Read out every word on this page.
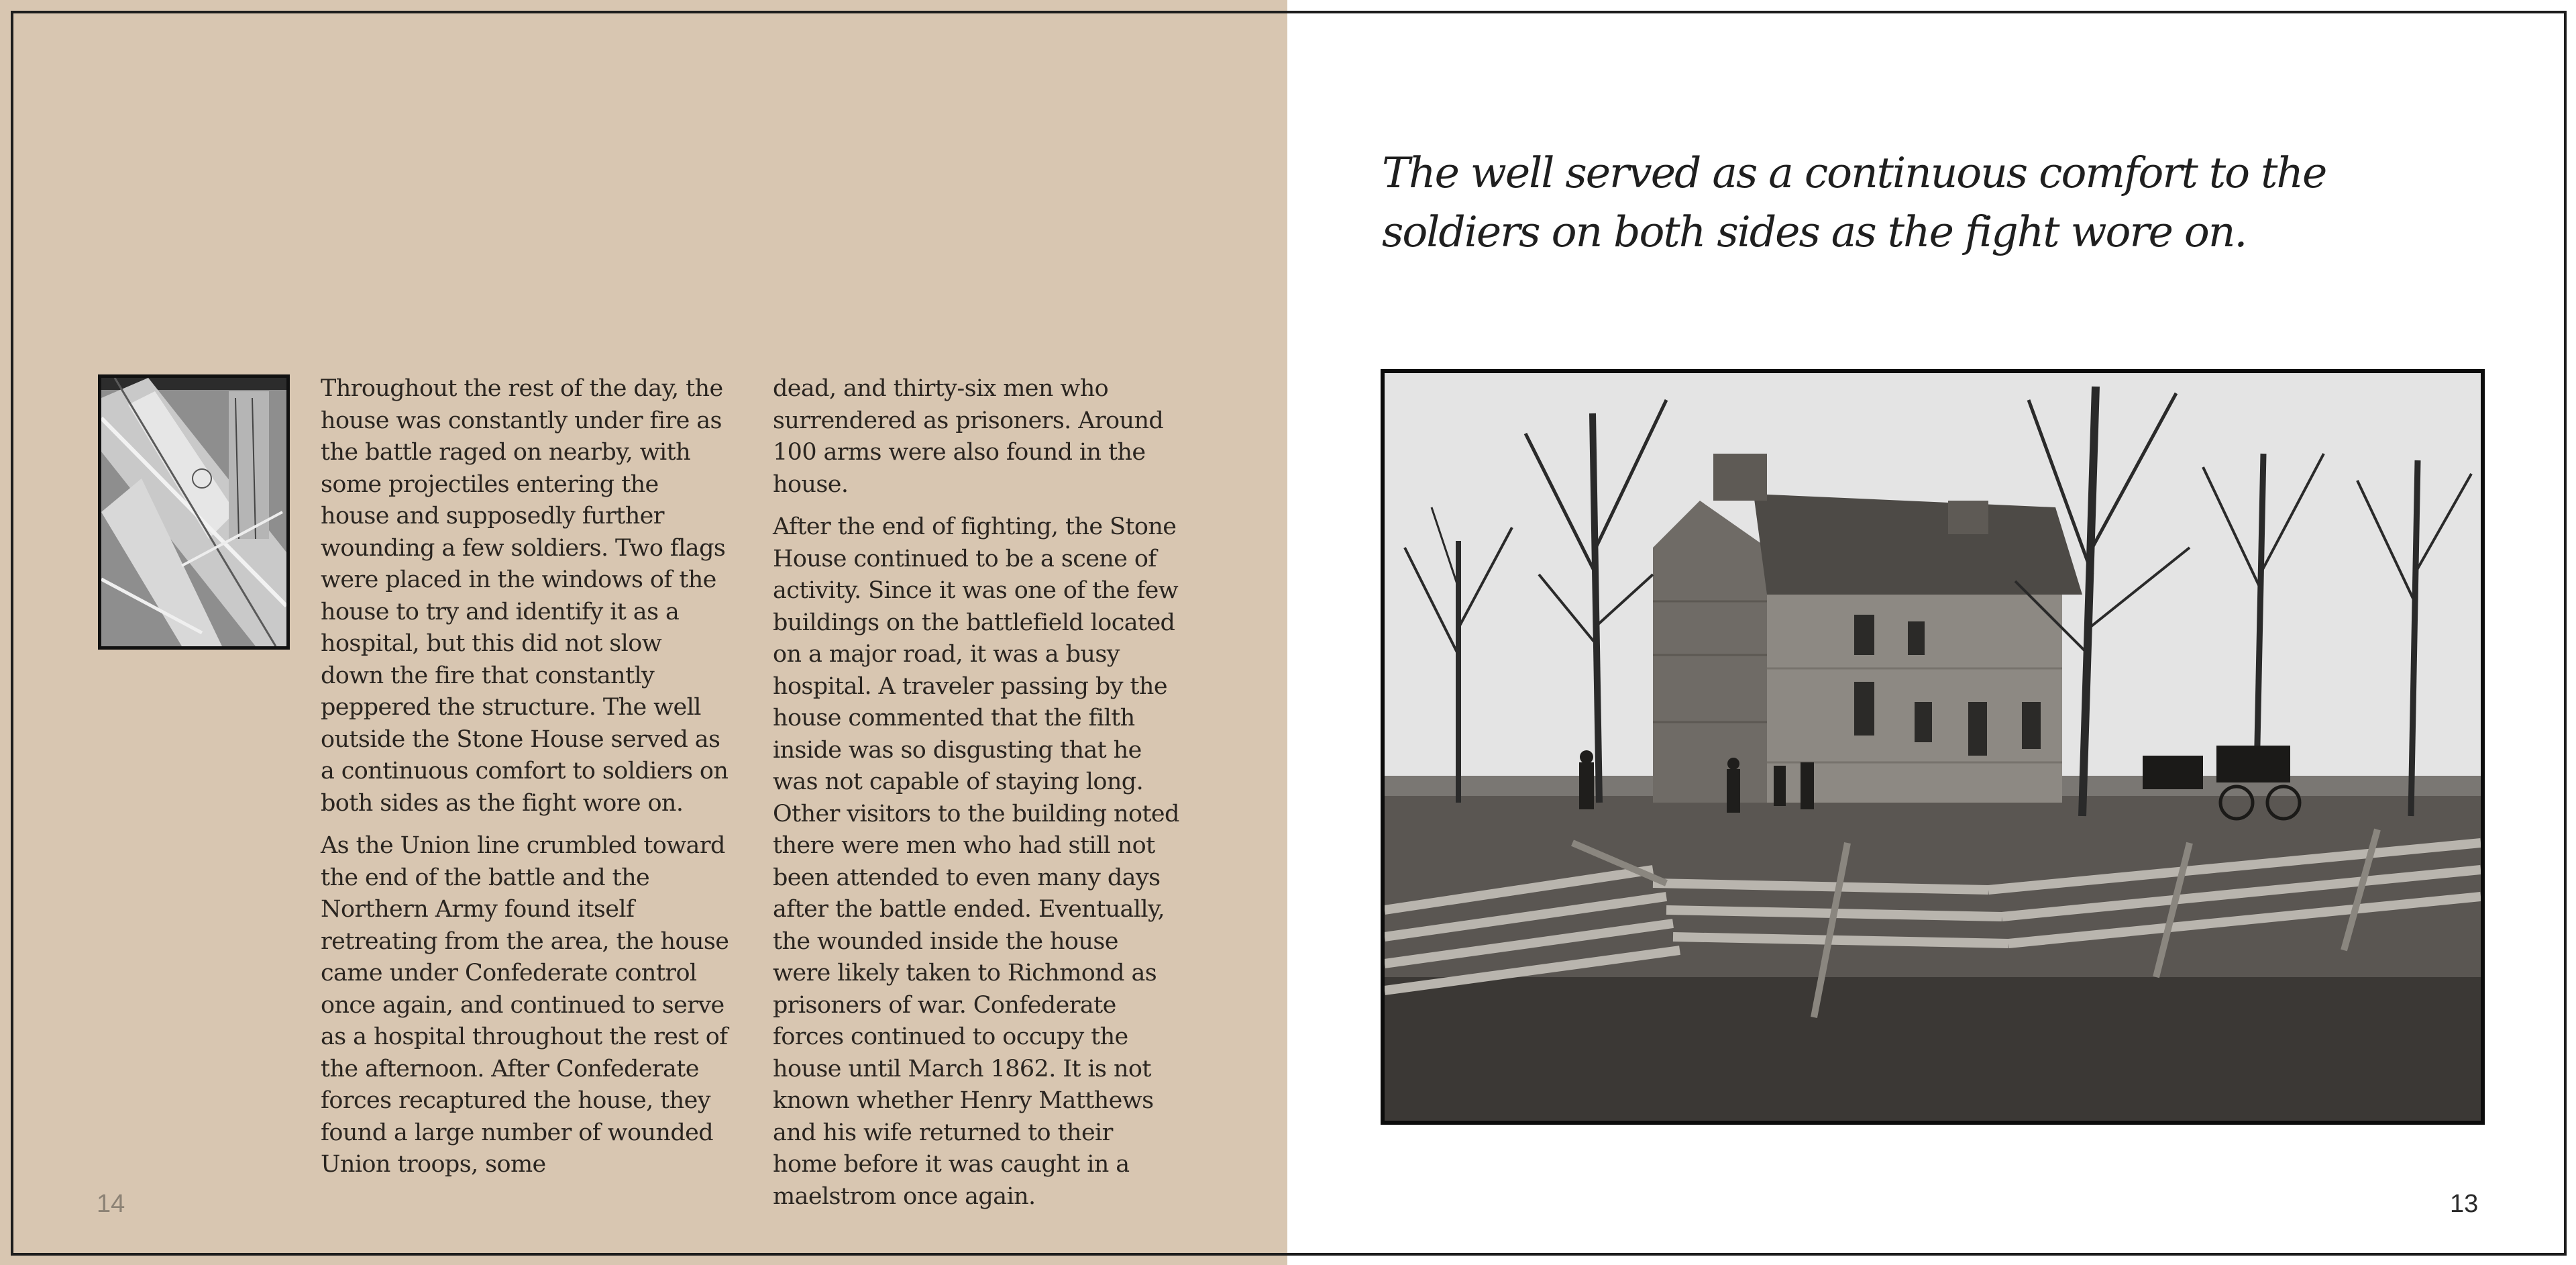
Throughout the rest of the day, the house was constantly under fire as the battle raged on nearby, with some projectiles entering the house and supposedly further wounding a few soldiers. Two flags were placed in the windows of the house to try and identify it as a hospital, but this did not slow down the fire that constantly peppered the structure. The well outside the Stone House served as a continuous comfort to soldiers on both sides as the fight wore on.

As the Union line crumbled toward the end of the battle and the Northern Army found itself retreating from the area, the house came under Confederate control once again, and continued to serve as a hospital throughout the rest of the afternoon. After Confederate forces recaptured the house, they found a large number of wounded Union troops, some

dead, and thirty-six men who surrendered as prisoners. Around 100 arms were also found in the house.

After the end of fighting, the Stone House continued to be a scene of activity. Since it was one of the few buildings on the battlefield located on a major road, it was a busy hospital. A traveler passing by the house commented that the filth inside was so disgusting that he was not capable of staying long. Other visitors to the building noted there were men who had still not been attended to even many days after the battle ended. Eventually, the wounded inside the house were likely taken to Richmond as prisoners of war. Confederate forces continued to occupy the house until March 1862. It is not known whether Henry Matthews and his wife returned to their home before it was caught in a maelstrom once again.

14
The well served as a continuous comfort to the soldiers on both sides as the fight wore on.
13
